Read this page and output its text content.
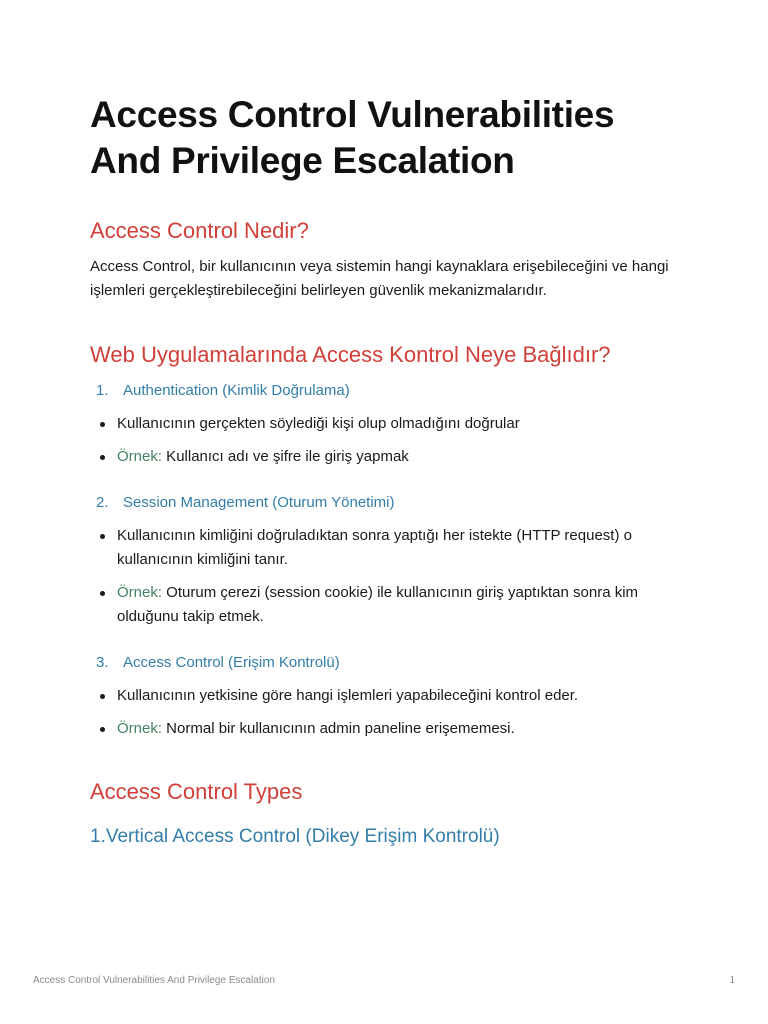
Access Control Vulnerabilities
And Privilege Escalation
Access Control Nedir?

Access Control, bir kullanıcının veya sistemin hangi kaynaklara erişebileceğini ve hangi işlemleri gerçekleştirebileceğini belirleyen güvenlik mekanizmalarıdır.

Web Uygulamalarında Access Kontrol Neye Bağlıdır?
1. Authentication (Kimlik Doğrulama)
Kullanıcının gerçekten söylediği kişi olup olmadığını doğrular
Örnek: Kullanıcı adı ve şifre ile giriş yapmak
2. Session Management (Oturum Yönetimi)
Kullanıcının kimliğini doğruladıktan sonra yaptığı her istekte (HTTP request) o kullanıcının kimliğini tanır.
Örnek: Oturum çerezi (session cookie) ile kullanıcının giriş yaptıktan sonra kim olduğunu takip etmek.
3. Access Control (Erişim Kontrolü)
Kullanıcının yetkisine göre hangi işlemleri yapabileceğini kontrol eder.
Örnek: Normal bir kullanıcının admin paneline erişememesi.
Access Control Types
1.Vertical Access Control (Dikey Erişim Kontrolü)
Access Control Vulnerabilities And Privilege Escalation	1
